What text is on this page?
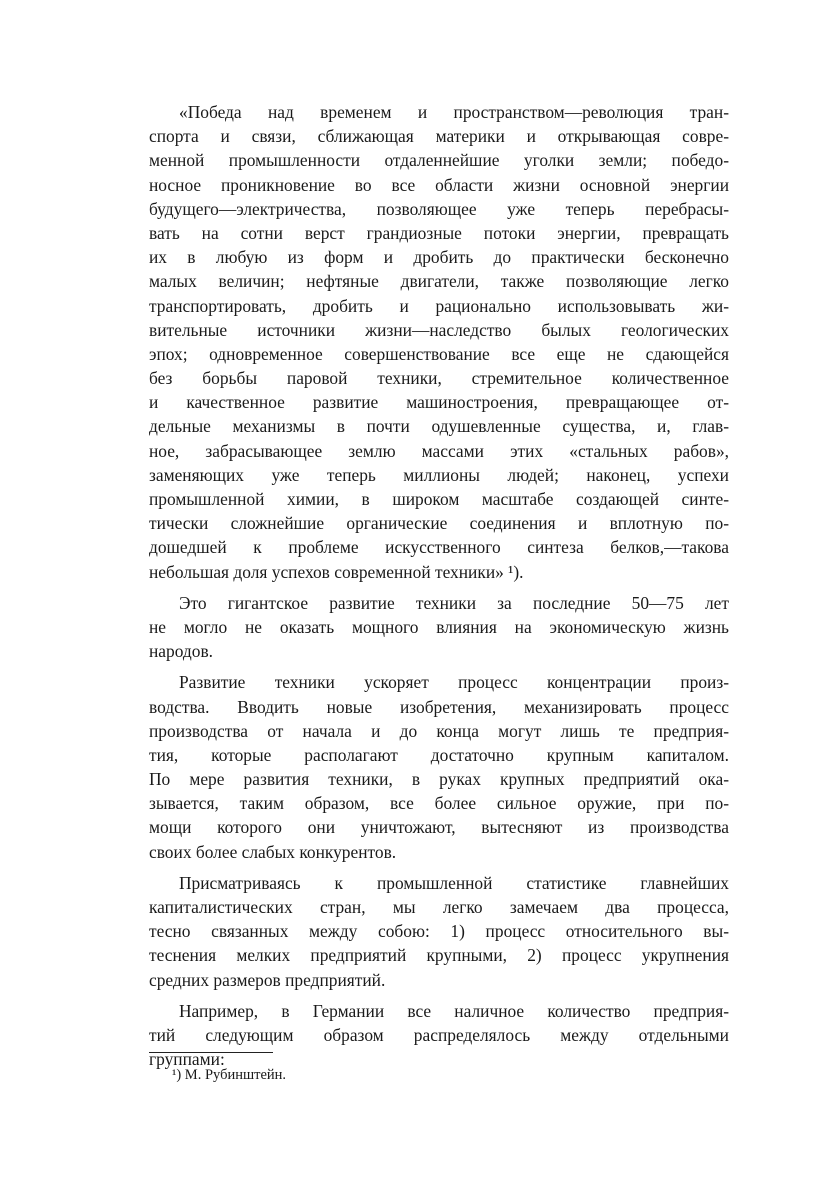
«Победа над временем и пространством—революция тран-
спорта и связи, сближающая материки и открывающая совре-
менной промышленности отдаленнейшие уголки земли; победо-
носное проникновение во все области жизни основной энергии
будущего—электричества, позволяющее уже теперь перебрасы-
вать на сотни верст грандиозные потоки энергии, превращать
их в любую из форм и дробить до практически бесконечно
малых величин; нефтяные двигатели, также позволяющие легко
транспортировать, дробить и рационально использовывать жи-
вительные источники жизни—наследство былых геологических
эпох; одновременное совершенствование все еще не сдающейся
без борьбы паровой техники, стремительное количественное
и качественное развитие машиностроения, превращающее от-
дельные механизмы в почти одушевленные существа, и, глав-
ное, забрасывающее землю массами этих «стальных рабов»,
заменяющих уже теперь миллионы людей; наконец, успехи
промышленной химии, в широком масштабе создающей синте-
тически сложнейшие органические соединения и вплотную по-
дошедшей к проблеме искусственного синтеза белков,—такова
небольшая доля успехов современной техники» ¹).
Это гигантское развитие техники за последние 50—75 лет
не могло не оказать мощного влияния на экономическую жизнь
народов.
Развитие техники ускоряет процесс концентрации произ-
водства. Вводить новые изобретения, механизировать процесс
производства от начала и до конца могут лишь те предприя-
тия, которые располагают достаточно крупным капиталом.
По мере развития техники, в руках крупных предприятий ока-
зывается, таким образом, все более сильное оружие, при по-
мощи которого они уничтожают, вытесняют из производства
своих более слабых конкурентов.
Присматриваясь к промышленной статистике главнейших
капиталистических стран, мы легко замечаем два процесса,
тесно связанных между собою: 1) процесс относительного вы-
теснения мелких предприятий крупными, 2) процесс укрупнения
средних размеров предприятий.
Например, в Германии все наличное количество предприя-
тий следующим образом распределялось между отдельными
группами:
¹) М. Рубинштейн.
